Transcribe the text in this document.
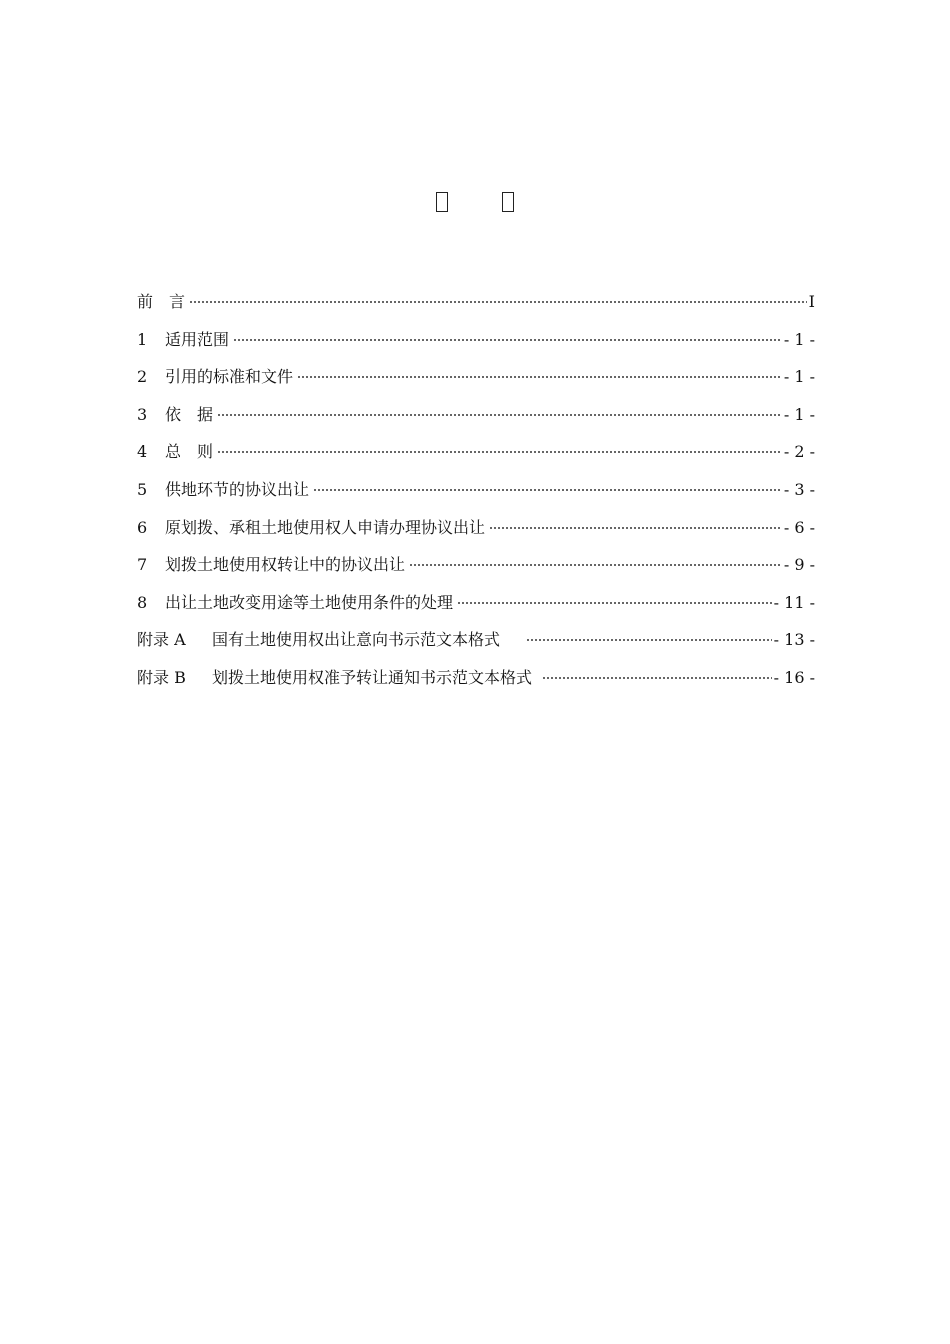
前　言	I
1	适用范围	- 1 -
2	引用的标准和文件	- 1 -
3	依　据	- 1 -
4	总　则	- 2 -
5	供地环节的协议出让	- 3 -
6	原划拨、承租土地使用权人申请办理协议出让	- 6 -
7	划拨土地使用权转让中的协议出让	- 9 -
8	出让土地改变用途等土地使用条件的处理	- 11 -
附录 A	国有土地使用权出让意向书示范文本格式	- 13 -
附录 B	划拨土地使用权准予转让通知书示范文本格式	- 16 -
